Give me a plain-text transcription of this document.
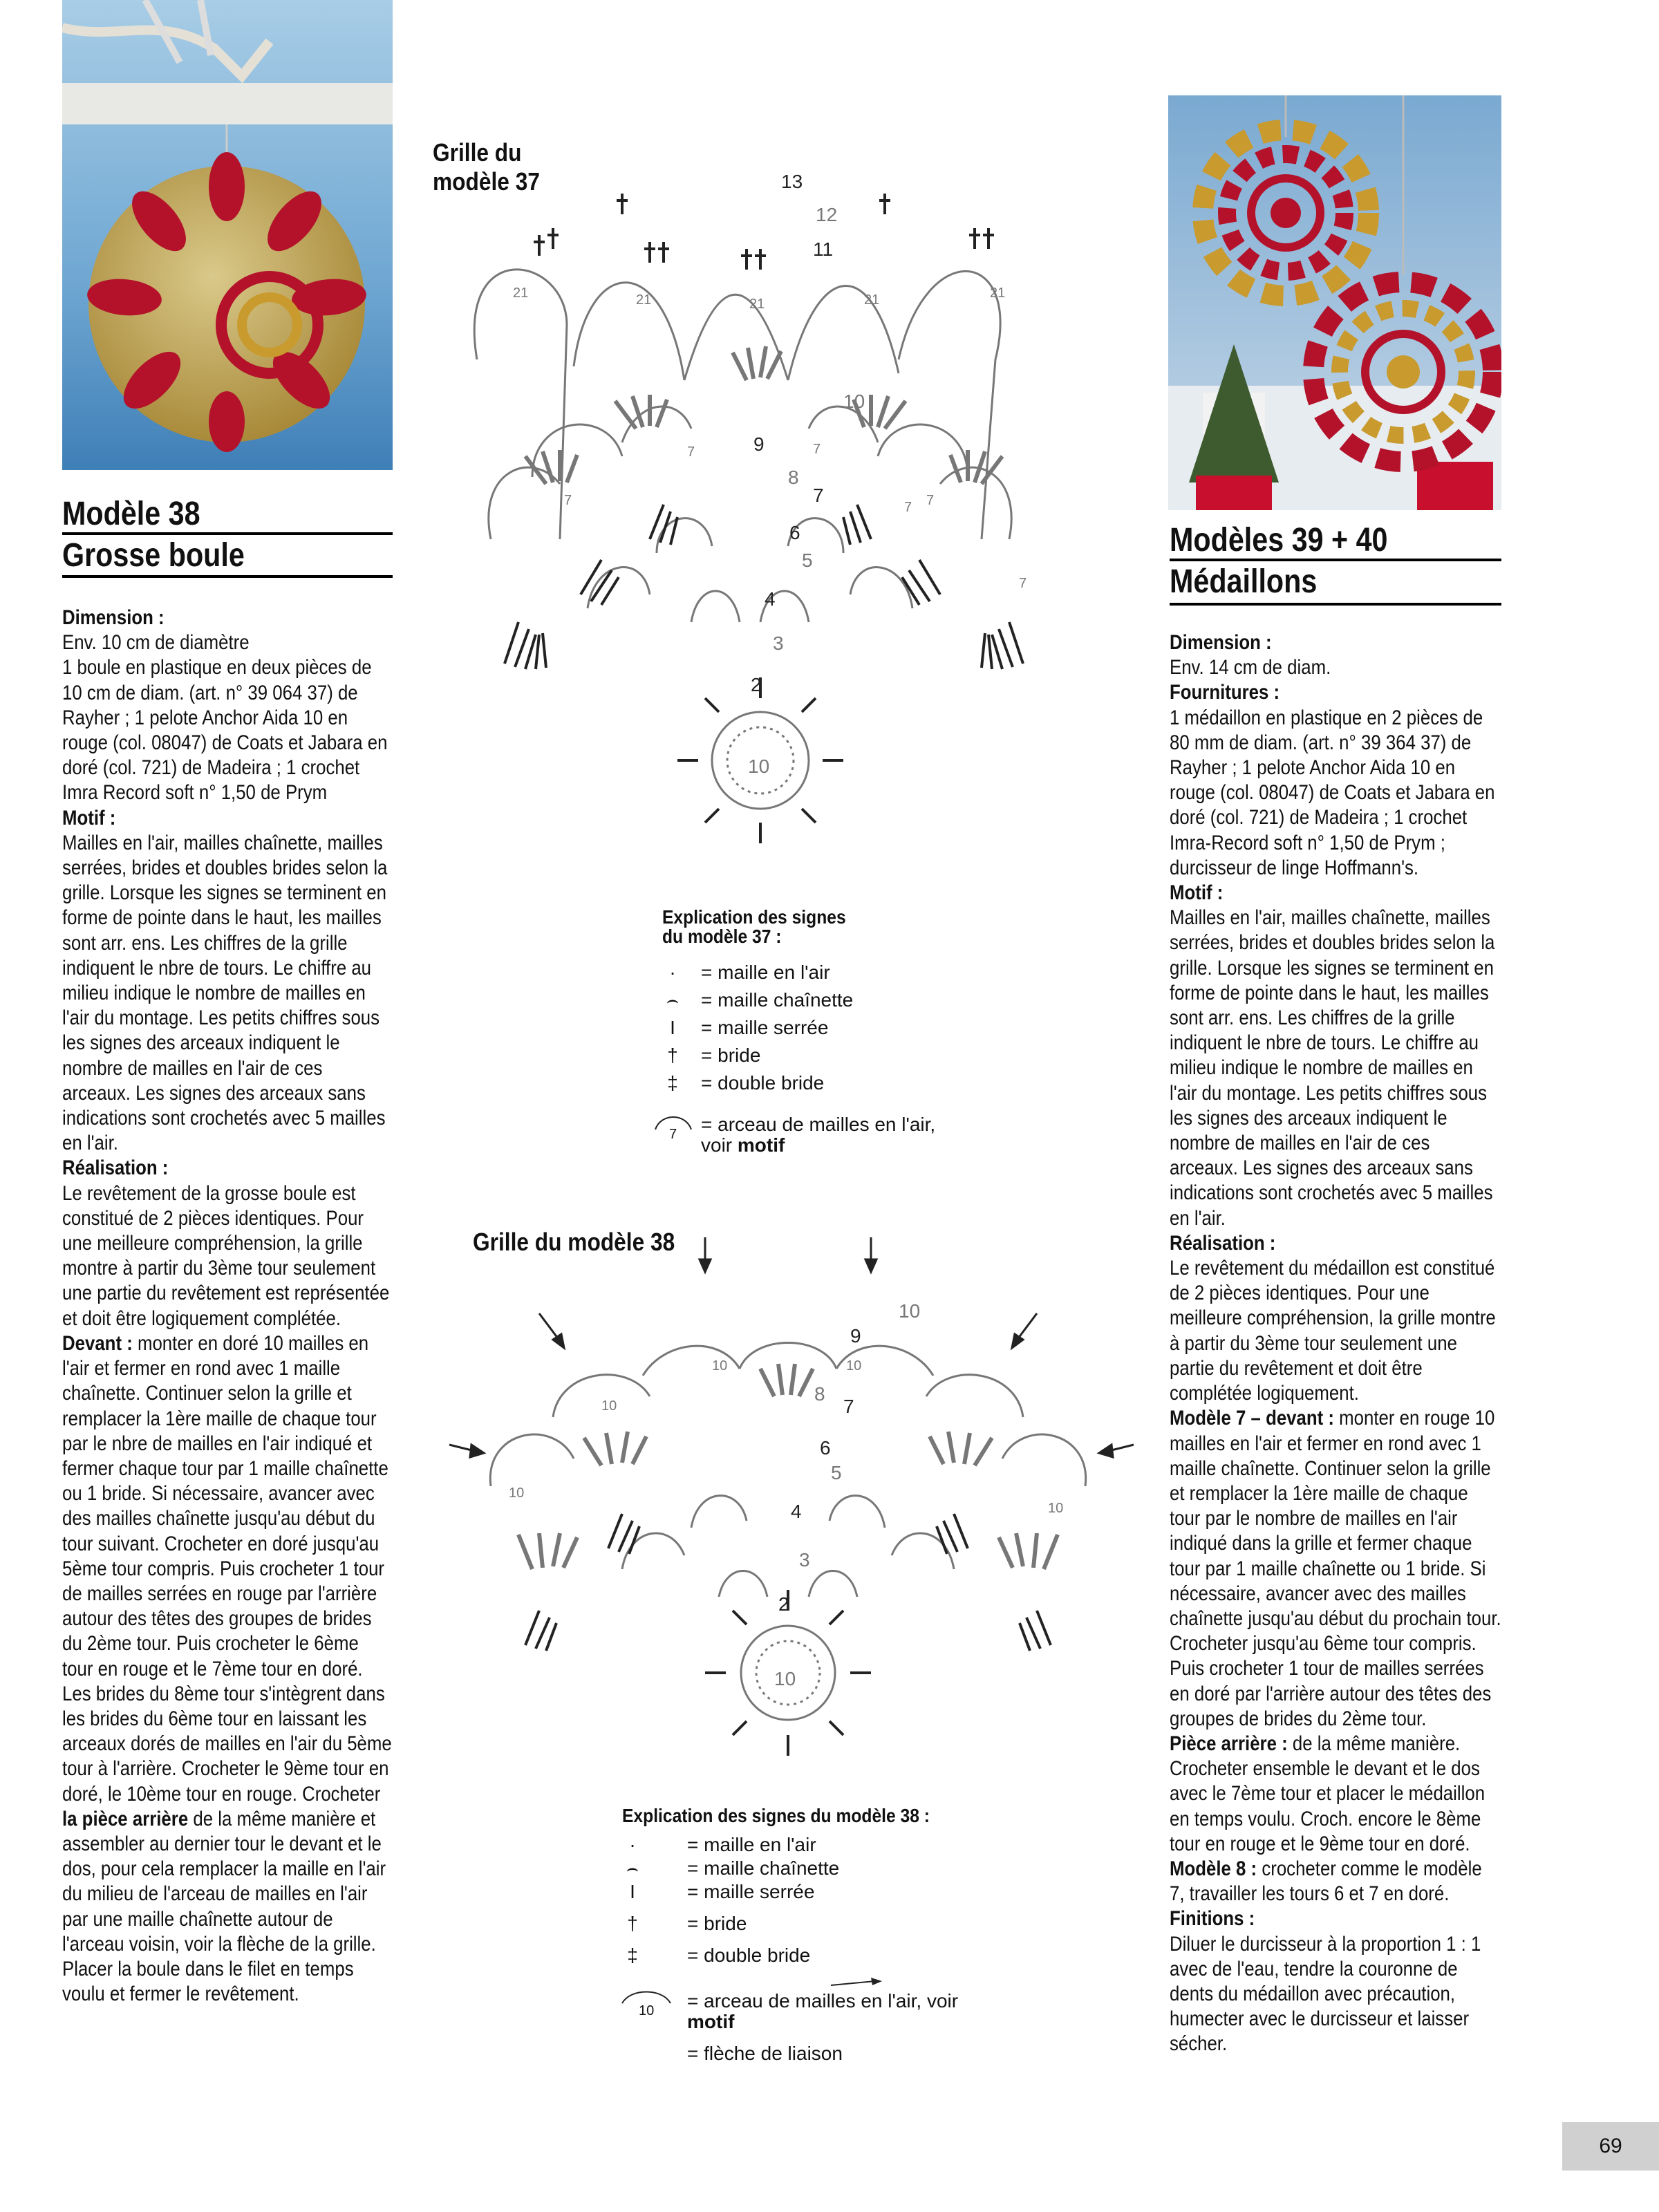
Modèle 38
Grosse boule

Dimension :

Env. 10 cm de diamètre

1 boule en plastique en deux pièces de 10 cm de diam. (art. n° 39 064 37) de Rayher ; 1 pelote Anchor Aida 10 en rouge (col. 08047) de Coats et Jabara en doré (col. 721) de Madeira ; 1 crochet Imra Record soft n° 1,50 de Prym

Motif :

Mailles en l'air, mailles chaînette, mailles serrées, brides et doubles brides selon la grille. Lorsque les signes se terminent en forme de pointe dans le haut, les mailles sont arr. ens. Les chiffres de la grille indiquent le nbre de tours. Le chiffre au milieu indique le nombre de mailles en l'air du montage. Les petits chiffres sous les signes des arceaux indiquent le nombre de mailles en l'air de ces arceaux. Les signes des arceaux sans indications sont crochetés avec 5 mailles en l'air.

Réalisation :

Le revêtement de la grosse boule est constitué de 2 pièces identiques. Pour une meilleure compréhension, la grille montre à partir du 3ème tour seulement une partie du revêtement est représentée et doit être logiquement complétée.

Devant : monter en doré 10 mailles en l'air et fermer en rond avec 1 maille chaînette. Continuer selon la grille et remplacer la 1ère maille de chaque tour par le nbre de mailles en l'air indiqué et fermer chaque tour par 1 maille chaînette ou 1 bride. Si nécessaire, avancer avec des mailles chaînette jusqu'au début du tour suivant. Crocheter en doré jusqu'au 5ème tour compris. Puis crocheter 1 tour de mailles serrées en rouge par l'arrière autour des têtes des groupes de brides du 2ème tour. Puis crocheter le 6ème tour en rouge et le 7ème tour en doré. Les brides du 8ème tour s'intègrent dans les brides du 6ème tour en laissant les arceaux dorés de mailles en l'air du 5ème tour à l'arrière. Crocheter le 9ème tour en doré, le 10ème tour en rouge. Crocheter

la pièce arrière de la même manière et assembler au dernier tour le devant et le dos, pour cela remplacer la maille en l'air du milieu de l'arceau de mailles en l'air par une maille chaînette autour de l'arceau voisin, voir la flèche de la grille. Placer la boule dans le filet en temps voulu et fermer le revêtement.

Modèles 39 + 40
Médaillons

Dimension :

Env. 14 cm de diam.

Fournitures :

1 médaillon en plastique en 2 pièces de 80 mm de diam. (art. n° 39 364 37) de Rayher ; 1 pelote Anchor Aida 10 en rouge (col. 08047) de Coats et Jabara en doré (col. 721) de Madeira ; 1 crochet Imra-Record soft n° 1,50 de Prym ; durcisseur de linge Hoffmann's.

Motif :

Mailles en l'air, mailles chaînette, mailles serrées, brides et doubles brides selon la grille. Lorsque les signes se terminent en forme de pointe dans le haut, les mailles sont arr. ens. Les chiffres de la grille indiquent le nbre de tours. Le chiffre au milieu indique le nombre de mailles en l'air du montage. Les petits chiffres sous les signes des arceaux indiquent le nombre de mailles en l'air de ces arceaux. Les signes des arceaux sans indications sont crochetés avec 5 mailles en l'air.

Réalisation :

Le revêtement du médaillon est constitué de 2 pièces identiques. Pour une meilleure compréhension, la grille montre à partir du 3ème tour seulement une partie du revêtement et doit être complétée logiquement.

Modèle 7 – devant : monter en rouge 10 mailles en l'air et fermer en rond avec 1 maille chaînette. Continuer selon la grille et remplacer la 1ère maille de chaque tour par le nombre de mailles en l'air indiqué dans la grille et fermer chaque tour par 1 maille chaînette ou 1 bride. Si nécessaire, avancer avec des mailles chaînette jusqu'au début du prochain tour. Crocheter jusqu'au 6ème tour compris. Puis crocheter 1 tour de mailles serrées en doré par l'arrière autour des têtes des groupes de brides du 2ème tour.

Pièce arrière : de la même manière. Crocheter ensemble le devant et le dos avec le 7ème tour et placer le médaillon en temps voulu. Croch. encore le 8ème tour en rouge et le 9ème tour en doré.

Modèle 8 : crocheter comme le modèle 7, travailler les tours 6 et 7 en doré.

Finitions :

Diluer le durcisseur à la proportion 1 : 1 avec de l'eau, tendre la couronne de dents du médaillon avec précaution, humecter avec le durcisseur et laisser sécher.

Grille du
modèle 37	13
12
11
10
9
8
7
6
5
4
3
2
10
21	21	21	21	21
7	7
7	7
7
7
Explication des signes
du modèle 37 :
·	= maille en l'air
⌢ = maille chaînette
I	= maille serrée
† = bride
‡ = double bride
7 = arceau de mailles en l'air,
voir motif
Grille du modèle 38
10
9
8
7
6
5
4
3
2
10
10	10
10
10
10
Explication des signes du modèle 38 :
·	= maille en l'air
⌢ = maille chaînette
I	= maille serrée
†	= bride
‡	= double bride
10 = arceau de mailles en l'air, voir
motif
= flèche de liaison
69
